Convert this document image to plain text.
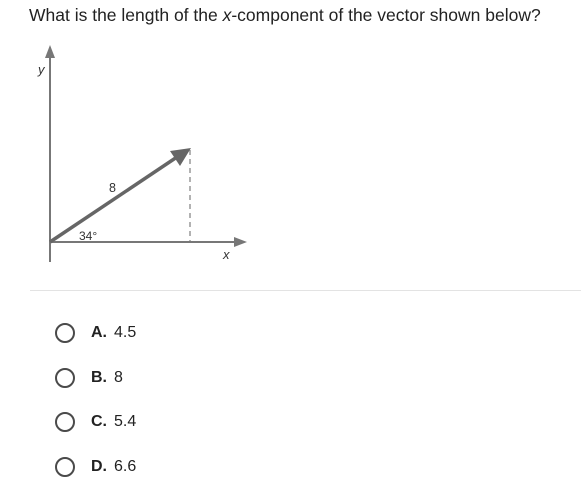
What is the length of the x-component of the vector shown below?
y
x
8
34°
A. 4.5
B. 8
C. 5.4
D. 6.6
